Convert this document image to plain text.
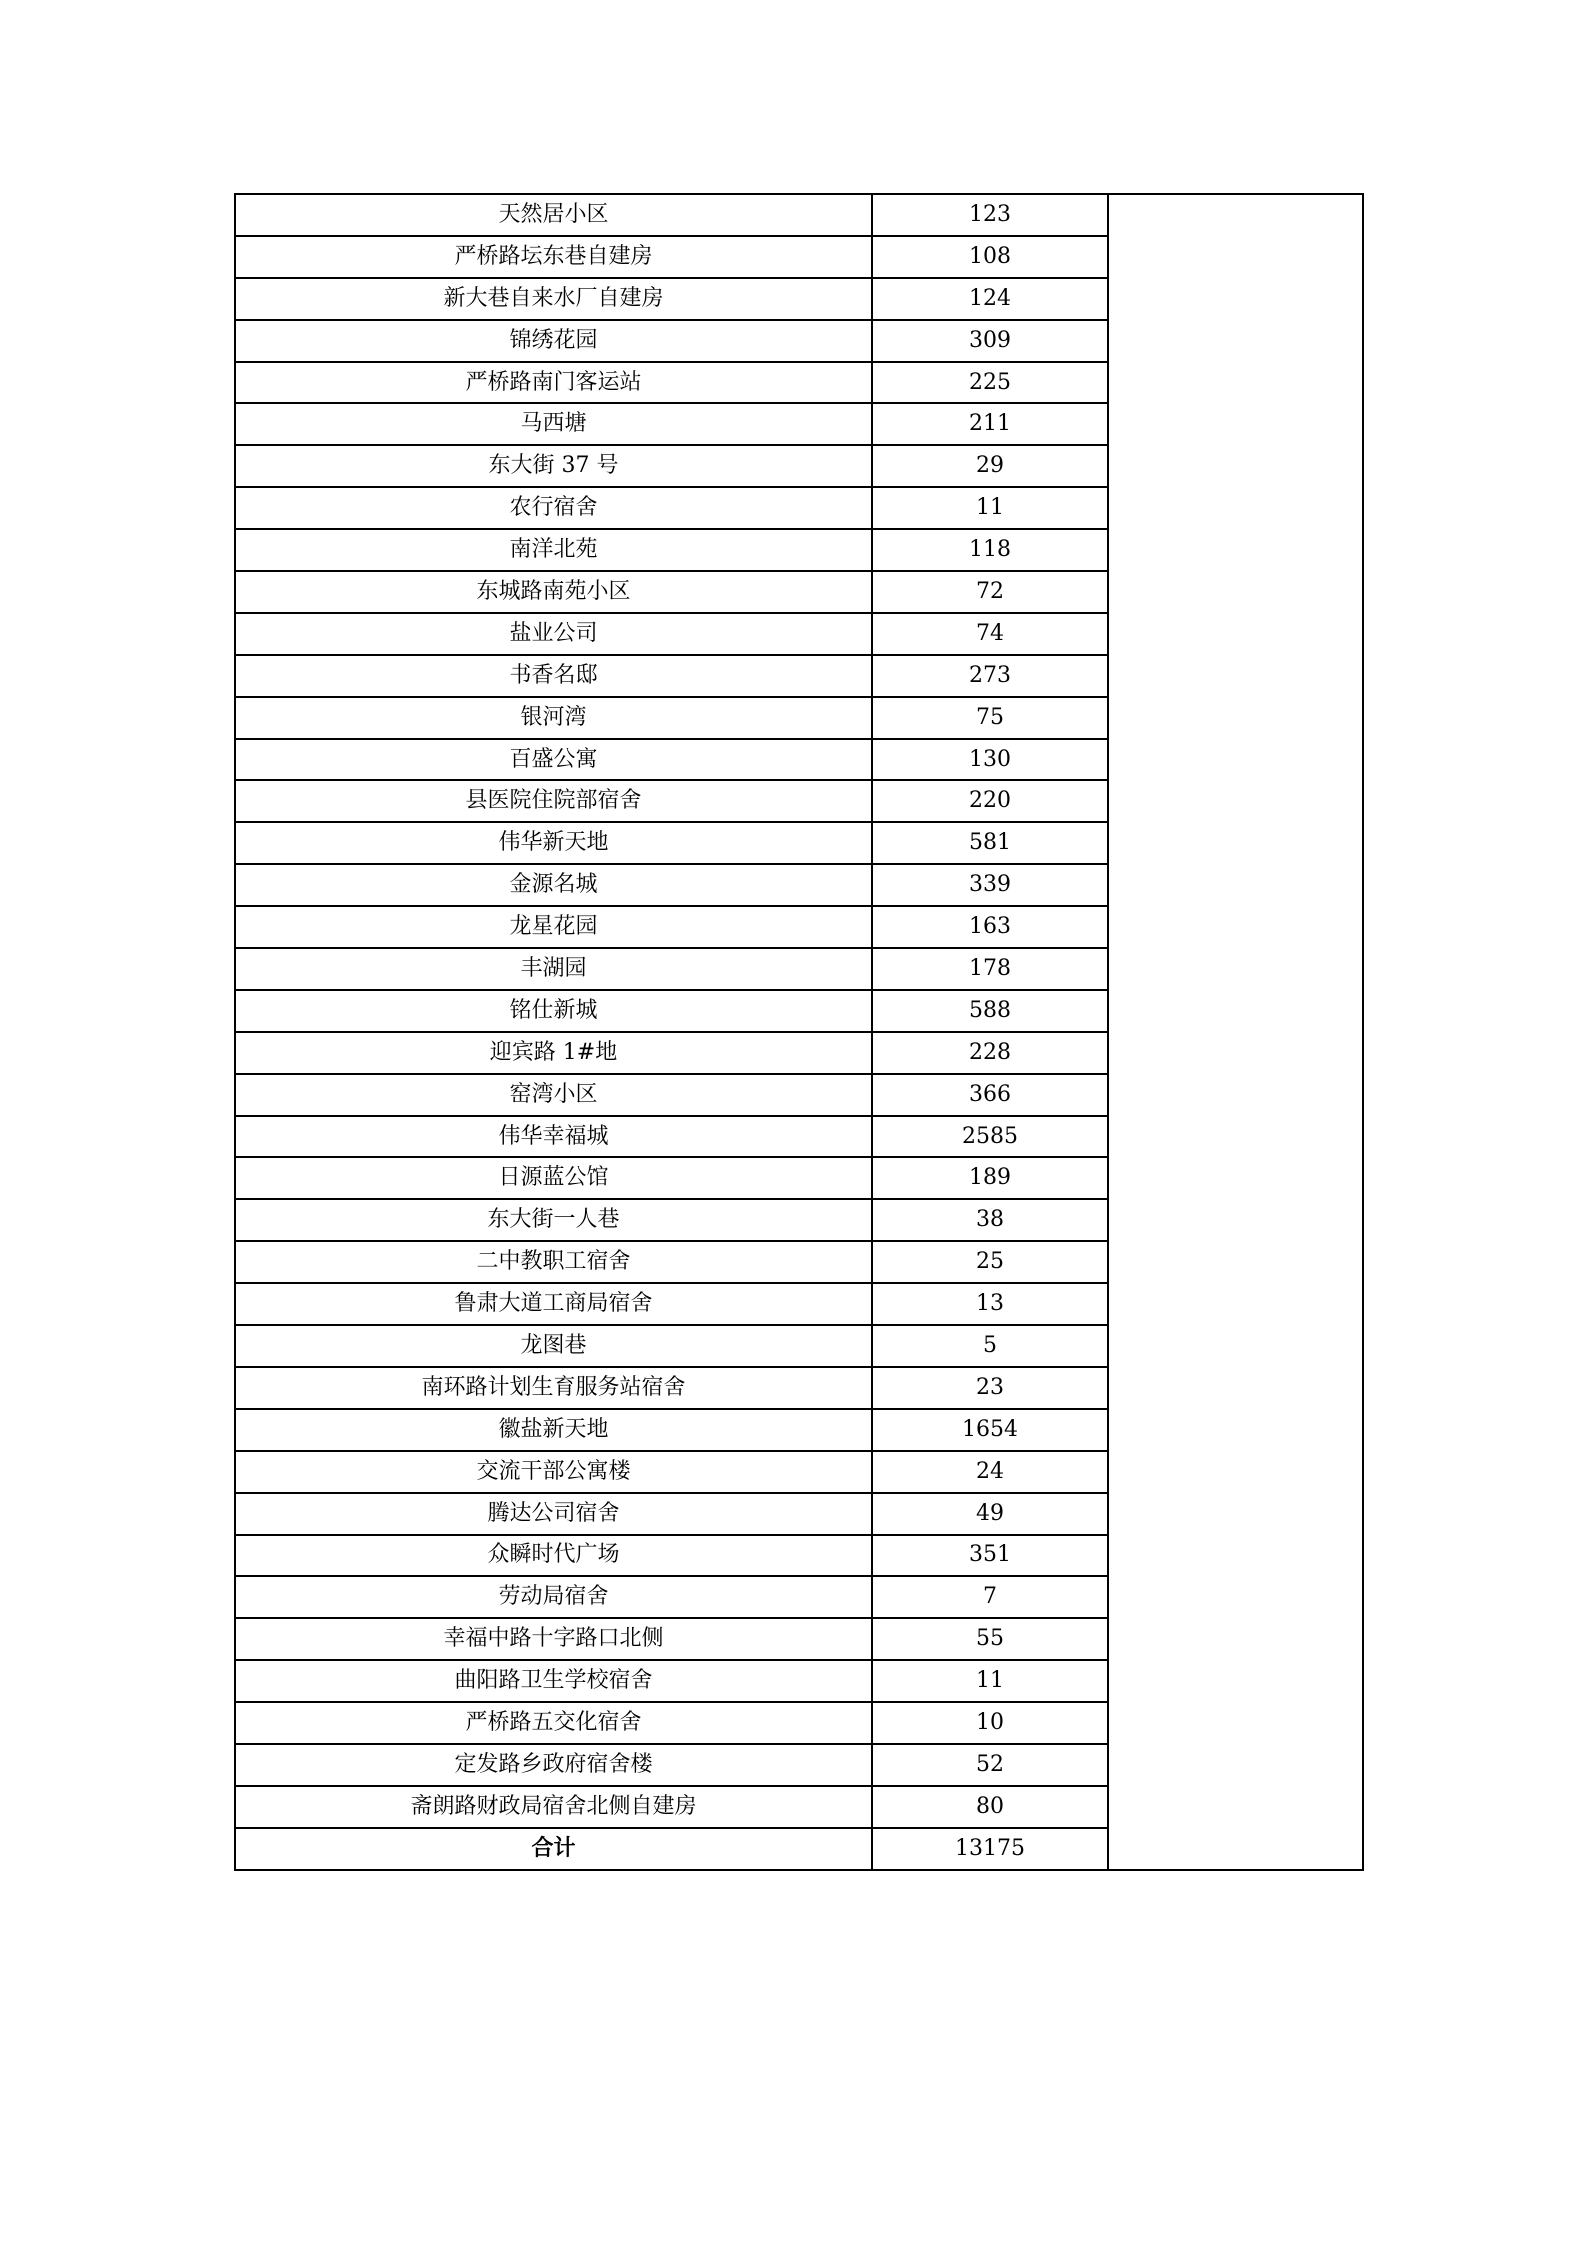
天然居小区	123	
严桥路坛东巷自建房	108	
新大巷自来水厂自建房	124	
锦绣花园	309	
严桥路南门客运站	225	
马西塘	211	
东大街 37 号	29	
农行宿舍	11	
南洋北苑	118	
东城路南苑小区	72	
盐业公司	74	
书香名邸	273	
银河湾	75	
百盛公寓	130	
县医院住院部宿舍	220	
伟华新天地	581	
金源名城	339	
龙星花园	163	
丰湖园	178	
铭仕新城	588	
迎宾路 1#地	228	
窑湾小区	366	
伟华幸福城	2585	
日源蓝公馆	189	
东大街一人巷	38	
二中教职工宿舍	25	
鲁肃大道工商局宿舍	13	
龙图巷	5	
南环路计划生育服务站宿舍	23	
徽盐新天地	1654	
交流干部公寓楼	24	
腾达公司宿舍	49	
众瞬时代广场	351	
劳动局宿舍	7	
幸福中路十字路口北侧	55	
曲阳路卫生学校宿舍	11	
严桥路五交化宿舍	10	
定发路乡政府宿舍楼	52	
斋朗路财政局宿舍北侧自建房	80	
合计	13175	
